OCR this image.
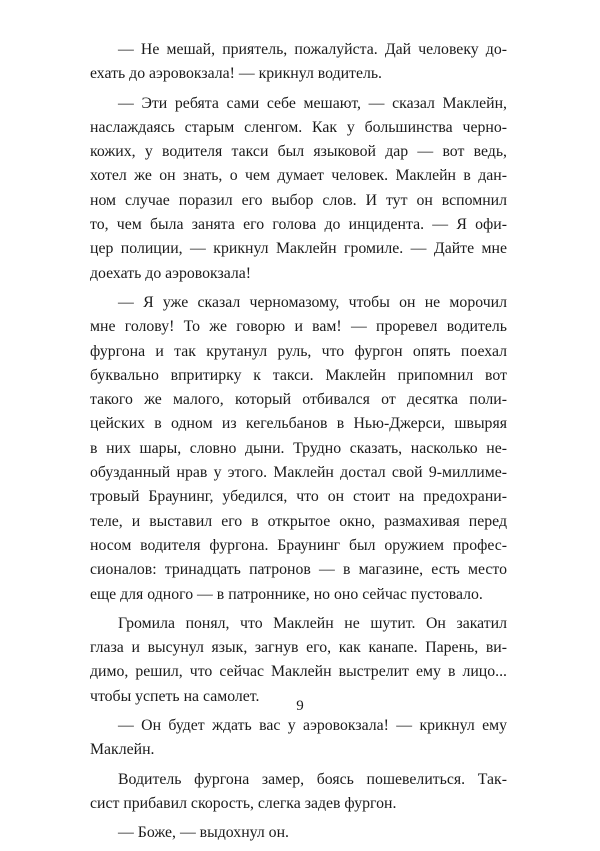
— Не мешай, приятель, пожалуйста. Дай человеку до-
ехать до аэровокзала! — крикнул водитель.

— Эти ребята сами себе мешают, — сказал Маклейн,
наслаждаясь старым сленгом. Как у большинства черно-
кожих, у водителя такси был языковой дар — вот ведь,
хотел же он знать, о чем думает человек. Маклейн в дан-
ном случае поразил его выбор слов. И тут он вспомнил
то, чем была занята его голова до инцидента. — Я офи-
цер полиции, — крикнул Маклейн громиле. — Дайте мне
доехать до аэровокзала!

— Я уже сказал черномазому, чтобы он не морочил
мне голову! То же говорю и вам! — проревел водитель
фургона и так крутанул руль, что фургон опять поехал
буквально впритирку к такси. Маклейн припомнил вот
такого же малого, который отбивался от десятка поли-
цейских в одном из кегельбанов в Нью-Джерси, швыряя
в них шары, словно дыни. Трудно сказать, насколько не-
обузданный нрав у этого. Маклейн достал свой 9-миллиме-
тровый Браунинг, убедился, что он стоит на предохрани-
теле, и выставил его в открытое окно, размахивая перед
носом водителя фургона. Браунинг был оружием профес-
сионалов: тринадцать патронов — в магазине, есть место
еще для одного — в патроннике, но оно сейчас пустовало.

Громила понял, что Маклейн не шутит. Он закатил
глаза и высунул язык, загнув его, как канапе. Парень, ви-
димо, решил, что сейчас Маклейн выстрелит ему в лицо...
чтобы успеть на самолет.

— Он будет ждать вас у аэровокзала! — крикнул ему
Маклейн.

Водитель фургона замер, боясь пошевелиться. Так-
сист прибавил скорость, слегка задев фургон.

— Боже, — выдохнул он.

9
